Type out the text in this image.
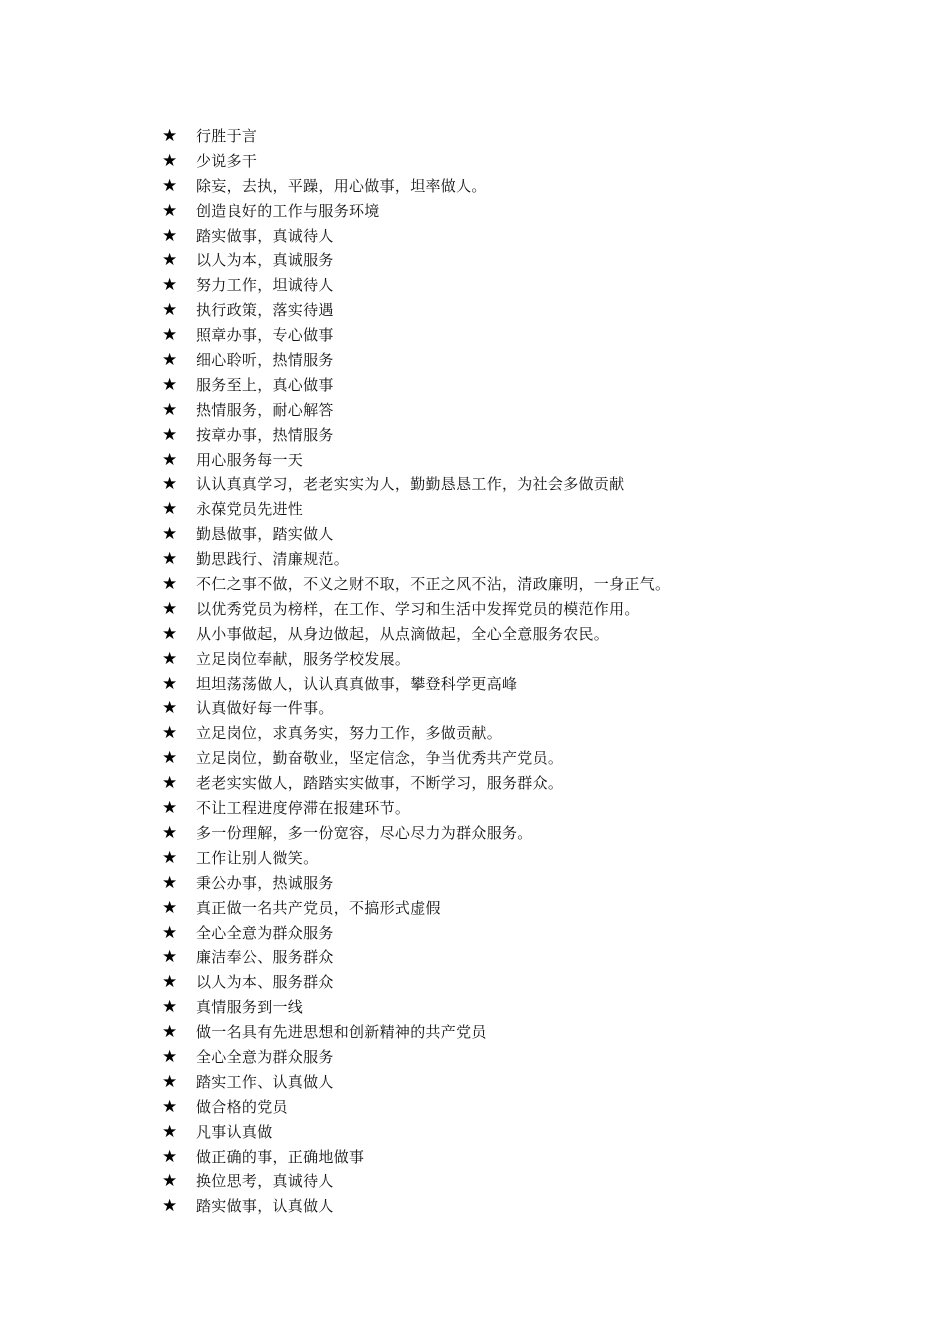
★	行胜于言
★	少说多干
★	除妄，去执，平躁，用心做事，坦率做人。
★	创造良好的工作与服务环境
★	踏实做事，真诚待人
★	以人为本，真诚服务
★	努力工作，坦诚待人
★	执行政策，落实待遇
★	照章办事，专心做事
★	细心聆听，热情服务
★	服务至上，真心做事
★	热情服务，耐心解答
★	按章办事，热情服务
★	用心服务每一天
★	认认真真学习，老老实实为人，勤勤恳恳工作，为社会多做贡献
★	永葆党员先进性
★	勤恳做事，踏实做人
★	勤思践行、清廉规范。
★	不仁之事不做，不义之财不取，不正之风不沾，清政廉明，一身正气。
★	以优秀党员为榜样，在工作、学习和生活中发挥党员的模范作用。
★	从小事做起，从身边做起，从点滴做起，全心全意服务农民。
★	立足岗位奉献，服务学校发展。
★	坦坦荡荡做人，认认真真做事，攀登科学更高峰
★	认真做好每一件事。
★	立足岗位，求真务实，努力工作，多做贡献。
★	立足岗位，勤奋敬业，坚定信念，争当优秀共产党员。
★	老老实实做人，踏踏实实做事，不断学习，服务群众。
★	不让工程进度停滞在报建环节。
★	多一份理解，多一份宽容，尽心尽力为群众服务。
★	工作让别人微笑。
★	秉公办事，热诚服务
★	真正做一名共产党员，不搞形式虚假
★	全心全意为群众服务
★	廉洁奉公、服务群众
★	以人为本、服务群众
★	真情服务到一线
★	做一名具有先进思想和创新精神的共产党员
★	全心全意为群众服务
★	踏实工作、认真做人
★	做合格的党员
★	凡事认真做
★	做正确的事，正确地做事
★	换位思考，真诚待人
★	踏实做事，认真做人
